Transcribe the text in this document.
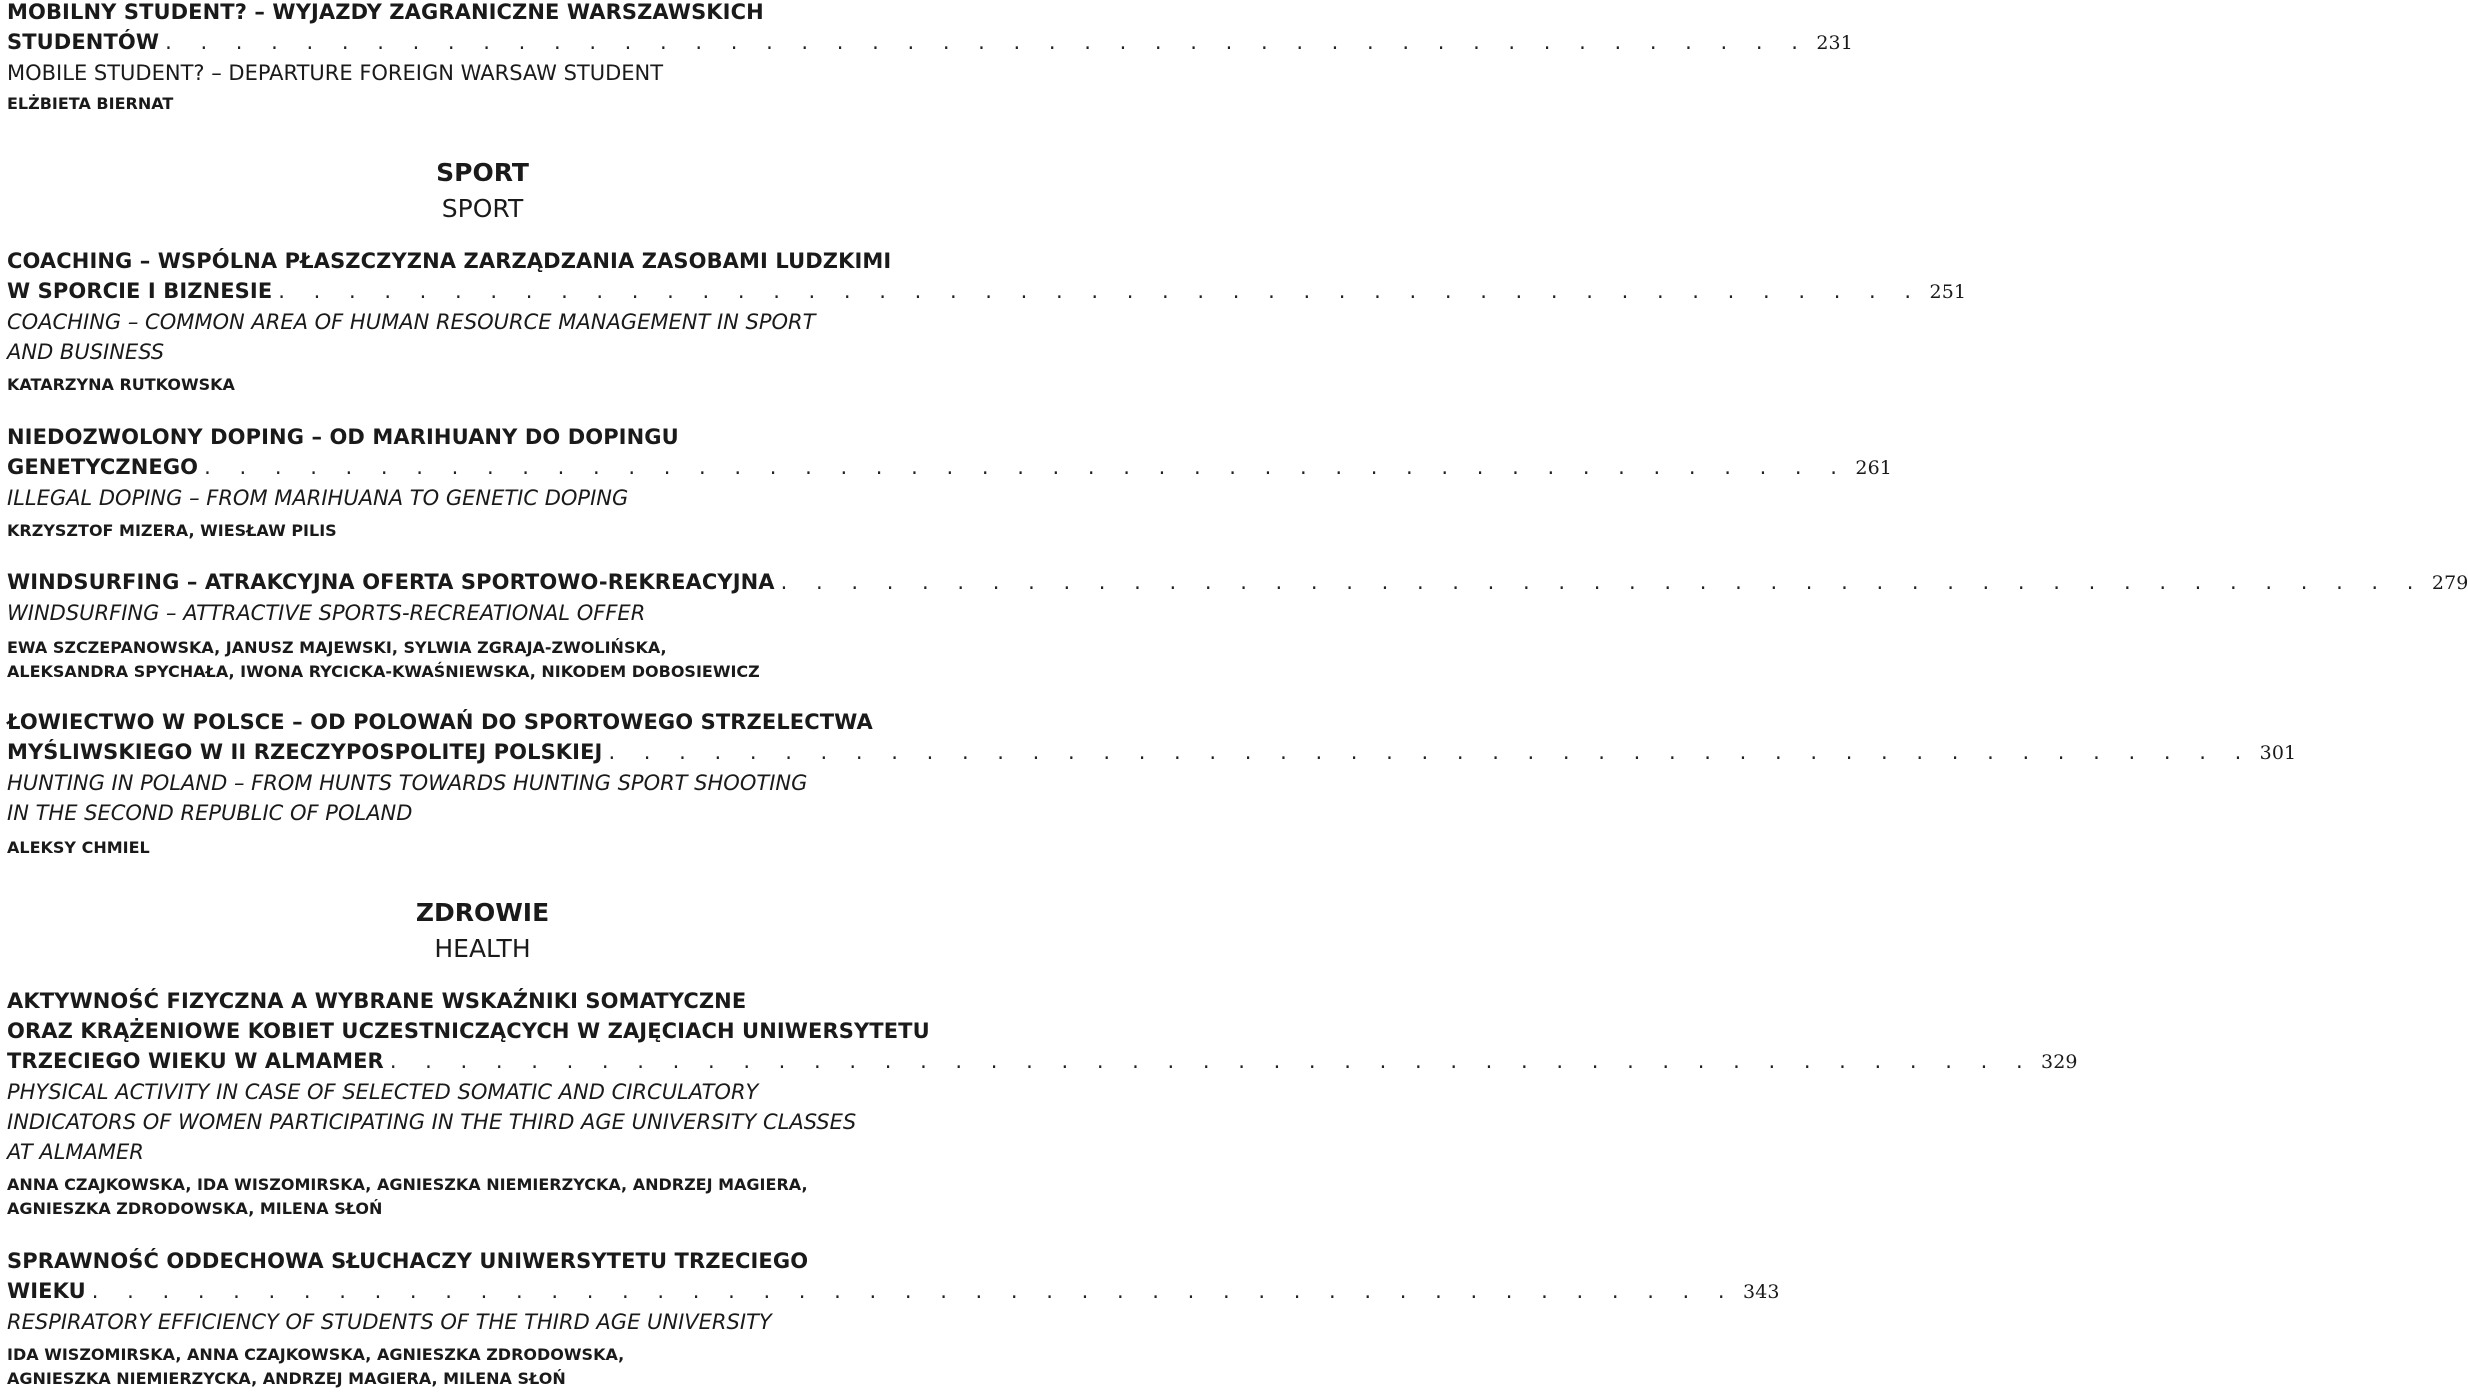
MOBILNY STUDENT? – WYJAZDY ZAGRANICZNE WARSZAWSKICH
STUDENTÓW . . . . . . . . . . . . . . . . . . . . . . . . . . . . . . . . . . . . . . . . . . . . . . . 231
MOBILE STUDENT? – DEPARTURE FOREIGN WARSAW STUDENT
ELŻBIETA BIERNAT
SPORT
SPORT
COACHING – WSPÓLNA PŁASZCZYZNA ZARZĄDZANIA ZASOBAMI LUDZKIMI
W SPORCIE I BIZNESIE . . . . . . . . . . . . . . . . . . . . . . . . . . . . . . . . . . . . . . . . . . . . . . . 251
COACHING – COMMON AREA OF HUMAN RESOURCE MANAGEMENT IN SPORT
AND BUSINESS
KATARZYNA RUTKOWSKA
NIEDOZWOLONY DOPING – OD MARIHUANY DO DOPINGU
GENETYCZNEGO . . . . . . . . . . . . . . . . . . . . . . . . . . . . . . . . . . . . . . . . . . . . . . . 261
ILLEGAL DOPING – FROM MARIHUANA TO GENETIC DOPING
KRZYSZTOF MIZERA, WIESŁAW PILIS
WINDSURFING – ATRAKCYJNA OFERTA SPORTOWO-REKREACYJNA . . . . . . . . . . . . . . . . . . . . . . . . . . . . . . . . . . . . . . . . . . . . . . . 279
WINDSURFING – ATTRACTIVE SPORTS-RECREATIONAL OFFER
EWA SZCZEPANOWSKA, JANUSZ MAJEWSKI, SYLWIA ZGRAJA-ZWOLIŃSKA,
ALEKSANDRA SPYCHAŁA, IWONA RYCICKA-KWAŚNIEWSKA, NIKODEM DOBOSIEWICZ
ŁOWIECTWO W POLSCE – OD POLOWAŃ DO SPORTOWEGO STRZELECTWA
MYŚLIWSKIEGO W II RZECZYPOSPOLITEJ POLSKIEJ . . . . . . . . . . . . . . . . . . . . . . . . . . . . . . . . . . . . . . . . . . . . . . . 301
HUNTING IN POLAND – FROM HUNTS TOWARDS HUNTING SPORT SHOOTING
IN THE SECOND REPUBLIC OF POLAND
ALEKSY CHMIEL
ZDROWIE
HEALTH
AKTYWNOŚĆ FIZYCZNA A WYBRANE WSKAŹNIKI SOMATYCZNE
ORAZ KRĄŻENIOWE KOBIET UCZESTNICZĄCYCH W ZAJĘCIACH UNIWERSYTETU
TRZECIEGO WIEKU W ALMAMER . . . . . . . . . . . . . . . . . . . . . . . . . . . . . . . . . . . . . . . . . . . . . . . 329
PHYSICAL ACTIVITY IN CASE OF SELECTED SOMATIC AND CIRCULATORY
INDICATORS OF WOMEN PARTICIPATING IN THE THIRD AGE UNIVERSITY CLASSES
AT ALMAMER
ANNA CZAJKOWSKA, IDA WISZOMIRSKA, AGNIESZKA NIEMIERZYCKA, ANDRZEJ MAGIERA,
AGNIESZKA ZDRODOWSKA, MILENA SŁOŃ
SPRAWNOŚĆ ODDECHOWA SŁUCHACZY UNIWERSYTETU TRZECIEGO
WIEKU . . . . . . . . . . . . . . . . . . . . . . . . . . . . . . . . . . . . . . . . . . . . . . . 343
RESPIRATORY EFFICIENCY OF STUDENTS OF THE THIRD AGE UNIVERSITY
IDA WISZOMIRSKA, ANNA CZAJKOWSKA, AGNIESZKA ZDRODOWSKA,
AGNIESZKA NIEMIERZYCKA, ANDRZEJ MAGIERA, MILENA SŁOŃ
